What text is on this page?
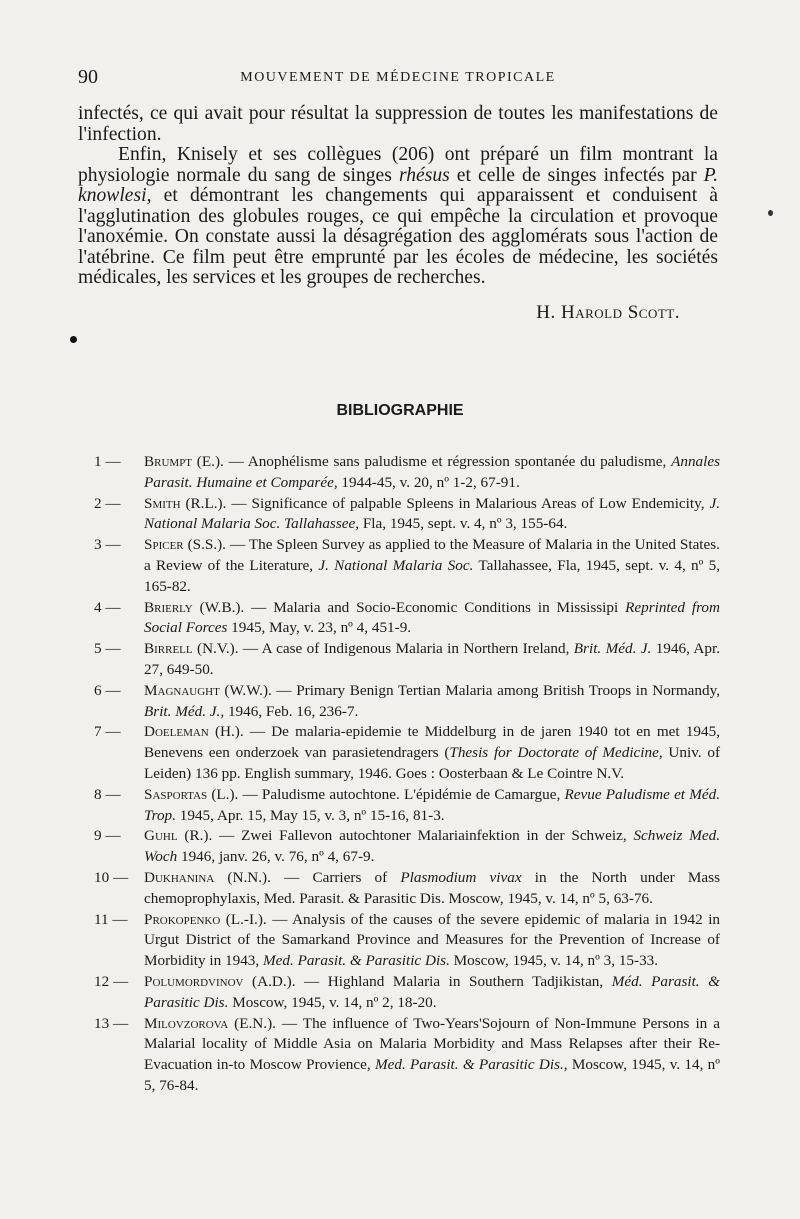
90	MOUVEMENT DE MÉDECINE TROPICALE

infectés, ce qui avait pour résultat la suppression de toutes les manifestations de l'infection.

Enfin, Knisely et ses collègues (206) ont préparé un film montrant la physiologie normale du sang de singes rhésus et celle de singes infectés par P. knowlesi, et démontrant les changements qui apparaissent et conduisent à l'agglutination des globules rouges, ce qui empêche la circulation et provoque l'anoxémie. On constate aussi la désagrégation des agglomérats sous l'action de l'atébrine. Ce film peut être emprunté par les écoles de médecine, les sociétés médicales, les services et les groupes de recherches.

H. Harold Scott.
BIBLIOGRAPHIE

1 —	Brumpt (E.). — Anophélisme sans paludisme et régression spontanée du paludisme, Annales Parasit. Humaine et Comparée, 1944-45, v. 20, nº 1-2, 67-91.

2 —	Smith (R.L.). — Significance of palpable Spleens in Malarious Areas of Low Endemicity, J. National Malaria Soc. Tallahassee, Fla, 1945, sept. v. 4, nº 3, 155-64.

3 —	Spicer (S.S.). — The Spleen Survey as applied to the Measure of Malaria in the United States. a Review of the Literature, J. National Malaria Soc. Tallahassee, Fla, 1945, sept. v. 4, nº 5, 165-82.

4 —	Brierly (W.B.). — Malaria and Socio-Economic Conditions in Mississipi Reprinted from Social Forces 1945, May, v. 23, nº 4, 451-9.

5 —	Birrell (N.V.). — A case of Indigenous Malaria in Northern Ireland, Brit. Méd. J. 1946, Apr. 27, 649-50.

6 —	Magnaught (W.W.). — Primary Benign Tertian Malaria among British Troops in Normandy, Brit. Méd. J., 1946, Feb. 16, 236-7.

7 —	Doeleman (H.). — De malaria-epidemie te Middelburg in de jaren 1940 tot en met 1945, Benevens een onderzoek van parasietendragers (Thesis for Doctorate of Medicine, Univ. of Leiden) 136 pp. English summary, 1946. Goes : Oosterbaan & Le Cointre N.V.

8 —	Sasportas (L.). — Paludisme autochtone. L'épidémie de Camargue, Revue Paludisme et Méd. Trop. 1945, Apr. 15, May 15, v. 3, nº 15-16, 81-3.

9 —	Guhl (R.). — Zwei Fallevon autochtoner Malariainfektion in der Schweiz, Schweiz Med. Woch 1946, janv. 26, v. 76, nº 4, 67-9.

10 —	Dukhanina (N.N.). — Carriers of Plasmodium vivax in the North under Mass chemoprophylaxis, Med. Parasit. & Parasitic Dis. Moscow, 1945, v. 14, nº 5, 63-76.

11 —	Prokopenko (L.-I.). — Analysis of the causes of the severe epidemic of malaria in 1942 in Urgut District of the Samarkand Province and Measures for the Prevention of Increase of Morbidity in 1943, Med. Parasit. & Parasitic Dis. Moscow, 1945, v. 14, nº 3, 15-33.

12 —	Polumordvinov (A.D.). — Highland Malaria in Southern Tadjikistan, Méd. Parasit. & Parasitic Dis. Moscow, 1945, v. 14, nº 2, 18-20.

13 —	Milovzorova (E.N.). — The influence of Two-Years'Sojourn of Non-Immune Persons in a Malarial locality of Middle Asia on Malaria Morbidity and Mass Relapses after their Re-Evacuation in-to Moscow Provience, Med. Parasit. & Parasitic Dis., Moscow, 1945, v. 14, nº 5, 76-84.
